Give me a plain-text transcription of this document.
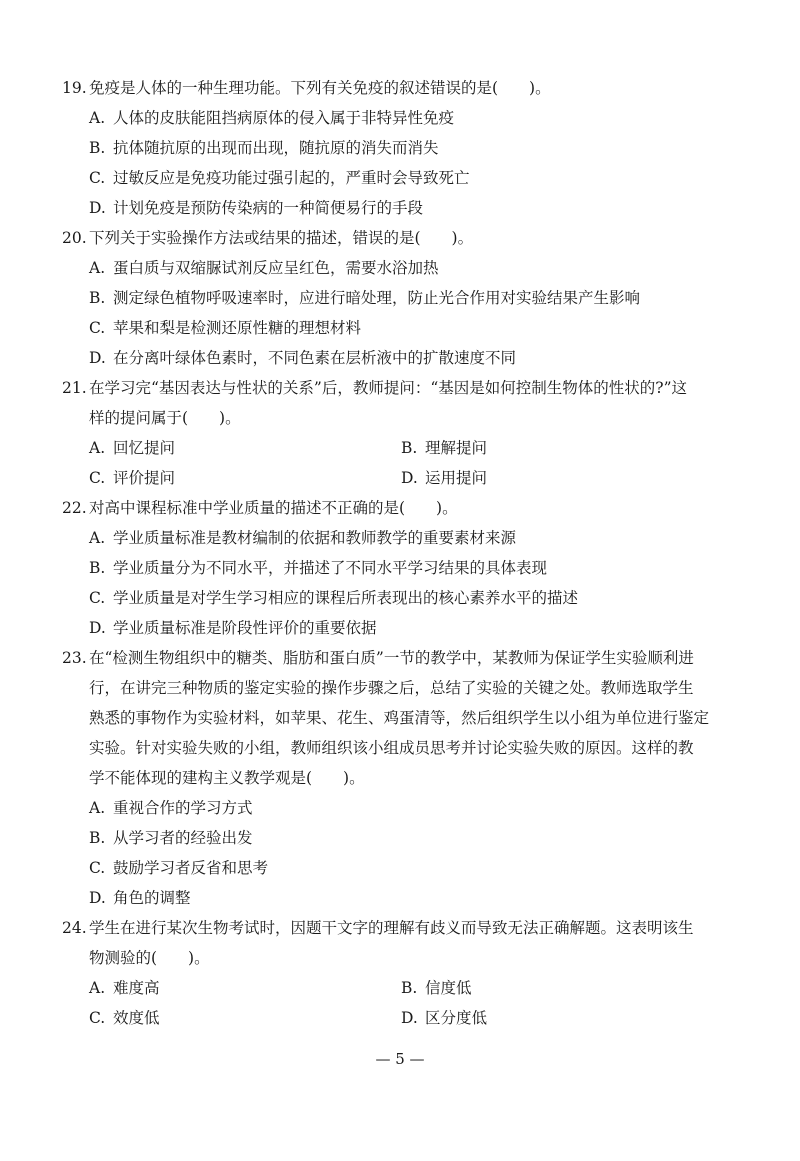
19. 免疫是人体的一种生理功能。下列有关免疫的叙述错误的是(　　)。
A. 人体的皮肤能阻挡病原体的侵入属于非特异性免疫
B. 抗体随抗原的出现而出现，随抗原的消失而消失
C. 过敏反应是免疫功能过强引起的，严重时会导致死亡
D. 计划免疫是预防传染病的一种简便易行的手段
20. 下列关于实验操作方法或结果的描述，错误的是(　　)。
A. 蛋白质与双缩脲试剂反应呈红色，需要水浴加热
B. 测定绿色植物呼吸速率时，应进行暗处理，防止光合作用对实验结果产生影响
C. 苹果和梨是检测还原性糖的理想材料
D. 在分离叶绿体色素时，不同色素在层析液中的扩散速度不同
21. 在学习完“基因表达与性状的关系”后，教师提问：“基因是如何控制生物体的性状的?”这
样的提问属于(　　)。
A. 回忆提问	B. 理解提问
C. 评价提问	D. 运用提问
22. 对高中课程标准中学业质量的描述不正确的是(　　)。
A. 学业质量标准是教材编制的依据和教师教学的重要素材来源
B. 学业质量分为不同水平，并描述了不同水平学习结果的具体表现
C. 学业质量是对学生学习相应的课程后所表现出的核心素养水平的描述
D. 学业质量标准是阶段性评价的重要依据
23. 在“检测生物组织中的糖类、脂肪和蛋白质”一节的教学中，某教师为保证学生实验顺利进
行，在讲完三种物质的鉴定实验的操作步骤之后，总结了实验的关键之处。教师选取学生
熟悉的事物作为实验材料，如苹果、花生、鸡蛋清等，然后组织学生以小组为单位进行鉴定
实验。针对实验失败的小组，教师组织该小组成员思考并讨论实验失败的原因。这样的教
学不能体现的建构主义教学观是(　　)。
A. 重视合作的学习方式
B. 从学习者的经验出发
C. 鼓励学习者反省和思考
D. 角色的调整
24. 学生在进行某次生物考试时，因题干文字的理解有歧义而导致无法正确解题。这表明该生
物测验的(　　)。
A. 难度高	B. 信度低
C. 效度低	D. 区分度低
— 5 —
